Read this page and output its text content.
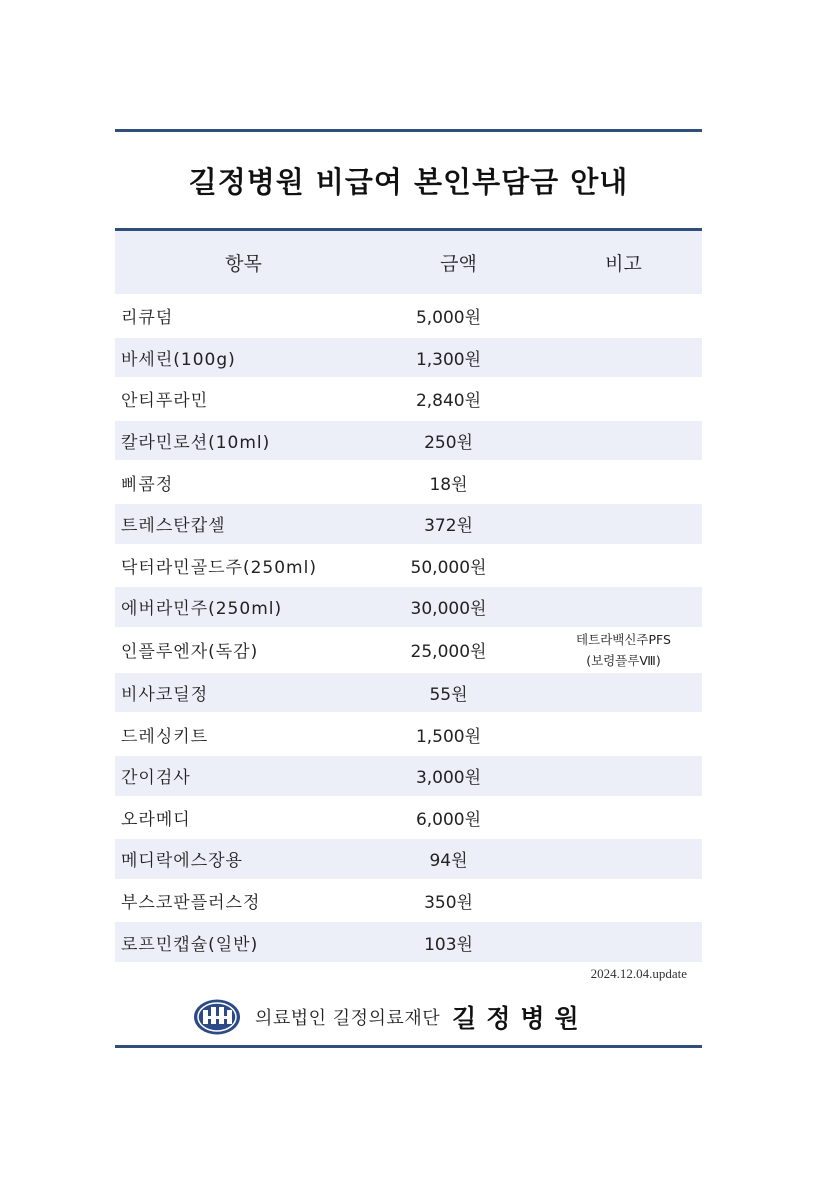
길정병원 비급여 본인부담금 안내
항목	금액	비고
리큐덤	5,000원	
바세린(100g)	1,300원	
안티푸라민	2,840원	
칼라민로션(10ml)	250원	
삐콤정	18원	
트레스탄캅셀	372원	
닥터라민골드주(250ml)	50,000원	
에버라민주(250ml)	30,000원	
인플루엔자(독감)	25,000원	테트라백신주PFS
(보령플루Ⅷ)

비사코딜정	55원	
드레싱키트	1,500원	
간이검사	3,000원	
오라메디	6,000원	
메디락에스장용	94원	
부스코판플러스정	350원	
로프민캡슐(일반)	103원	
2024.12.04.update
의료법인 길정의료재단 길정병원
